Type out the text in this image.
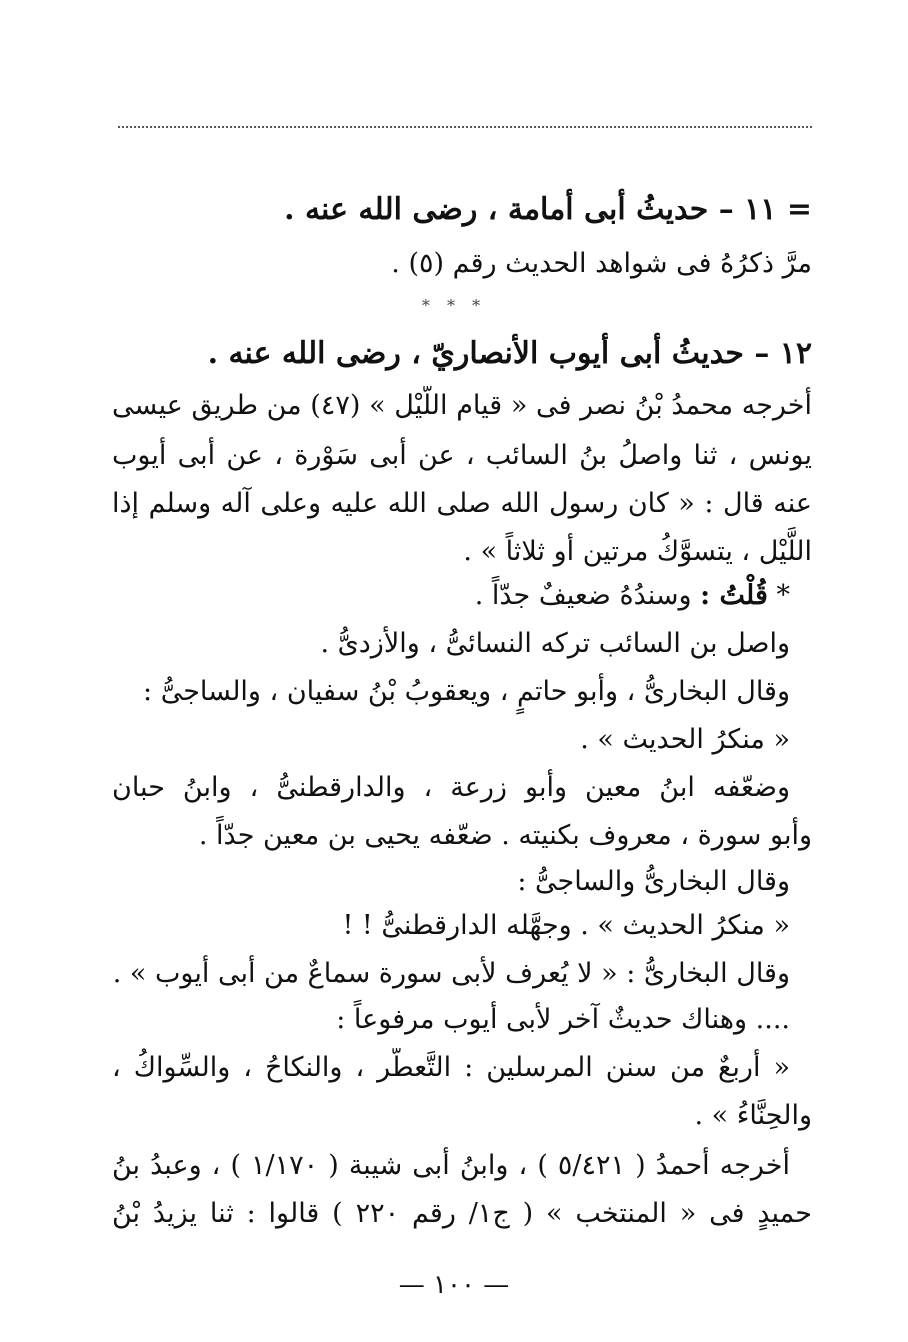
= ١١ – حديثُ أبى أمامة ، رضى الله عنه .
مرَّ ذكرُهُ فى شواهد الحديث رقم (٥) .
* * *
١٢ – حديثُ أبى أيوب الأنصاريّ ، رضى الله عنه .
أخرجه محمدُ بْنُ نصر فى « قيام اللَّيْل » (٤٧) من طريق عيسى
يونس ، ثنا واصلُ بنُ السائب ، عن أبى سَوْرة ، عن أبى أيوب
عنه قال : « كان رسول الله صلى الله عليه وعلى آله وسلم إذا
اللَّيْل ، يتسوَّكُ مرتين أو ثلاثاً » .
* قُلْتُ : وسندُهُ ضعيفٌ جدّاً .
واصل بن السائب تركه النسائىُّ ، والأزدىُّ .
وقال البخارىُّ ، وأبو حاتمٍ ، ويعقوبُ بْنُ سفيان ، والساجىُّ :
« منكرُ الحديث » .
وضعّفه ابنُ معين وأبو زرعة ، والدارقطنىُّ ، وابنُ حبان
وأبو سورة ، معروف بكنيته . ضعّفه يحيى بن معين جدّاً .
وقال البخارىُّ والساجىُّ :
« منكرُ الحديث » . وجهَّله الدارقطنىُّ ! !
وقال البخارىُّ : « لا يُعرف لأبى سورة سماعٌ من أبى أيوب » .
.... وهناك حديثٌ آخر لأبى أيوب مرفوعاً :
« أربعٌ من سنن المرسلين : التَّعطُّر ، والنكاحُ ، والسِّواكُ ،
والحِنَّاءُ » .
أخرجه أحمدُ ( ٥/٤٢١ ) ، وابنُ أبى شيبة ( ١/١٧٠ ) ، وعبدُ بنُ
حميدٍ فى « المنتخب » ( ج١/ رقم ٢٢٠ ) قالوا : ثنا يزيدُ بْنُ
— ١٠٠ —
